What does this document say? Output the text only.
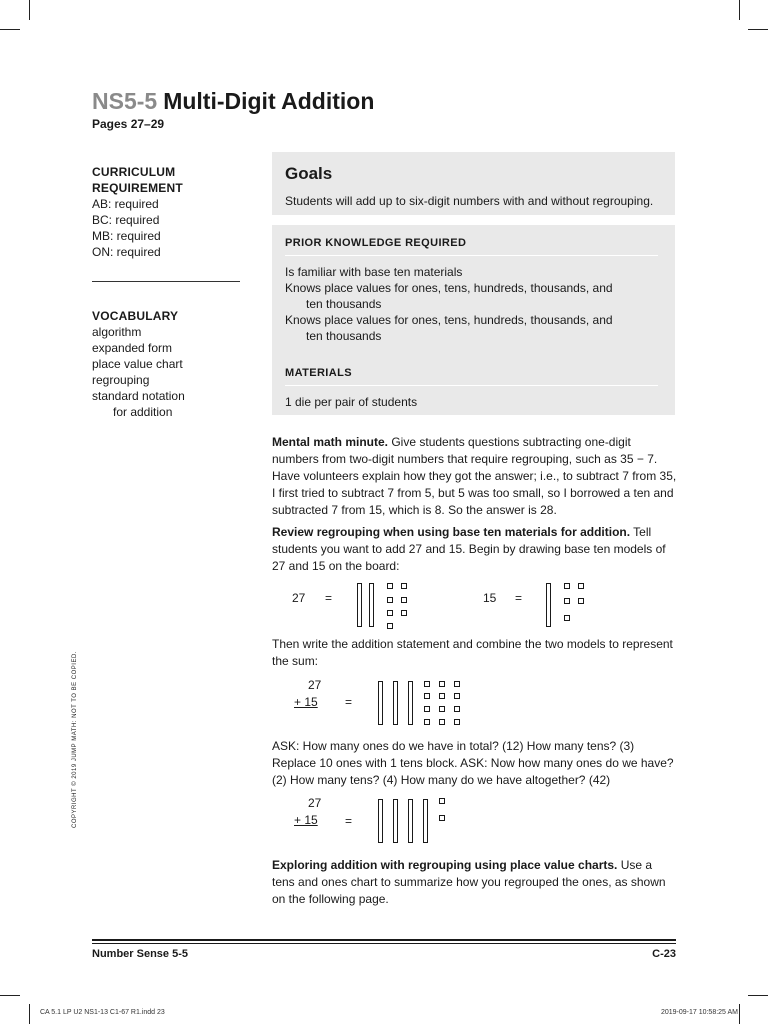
NS5-5 Multi-Digit Addition
Pages 27–29
CURRICULUM
REQUIREMENT
AB: required
BC: required
MB: required
ON: required
VOCABULARY
algorithm
expanded form
place value chart
regrouping
standard notation
for addition
Goals
Students will add up to six-digit numbers with and without regrouping.
PRIOR KNOWLEDGE REQUIRED
Is familiar with base ten materials
Knows place values for ones, tens, hundreds, thousands, and
ten thousands
Knows place values for ones, tens, hundreds, thousands, and
ten thousands
MATERIALS
1 die per pair of students
Mental math minute. Give students questions subtracting one-digit numbers from two-digit numbers that require regrouping, such as 35 − 7. Have volunteers explain how they got the answer; i.e., to subtract 7 from 35, I first tried to subtract 7 from 5, but 5 was too small, so I borrowed a ten and subtracted 7 from 15, which is 8. So the answer is 28.
Review regrouping when using base ten materials for addition. Tell students you want to add 27 and 15. Begin by drawing base ten models of 27 and 15 on the board:
27 =	15 =
Then write the addition statement and combine the two models to represent the sum:
27
+ 15 =
ASK: How many ones do we have in total? (12) How many tens? (3) Replace 10 ones with 1 tens block. ASK: Now how many ones do we have? (2) How many tens? (4) How many do we have altogether? (42)
27
+ 15 =
Exploring addition with regrouping using place value charts. Use a tens and ones chart to summarize how you regrouped the ones, as shown on the following page.
COPYRIGHT © 2019 JUMP MATH: NOT TO BE COPIED.
Number Sense 5-5	C-23
CA 5.1 LP U2 NS1-13 C1-67 R1.indd 23	2019-09-17 10:58:25 AM
